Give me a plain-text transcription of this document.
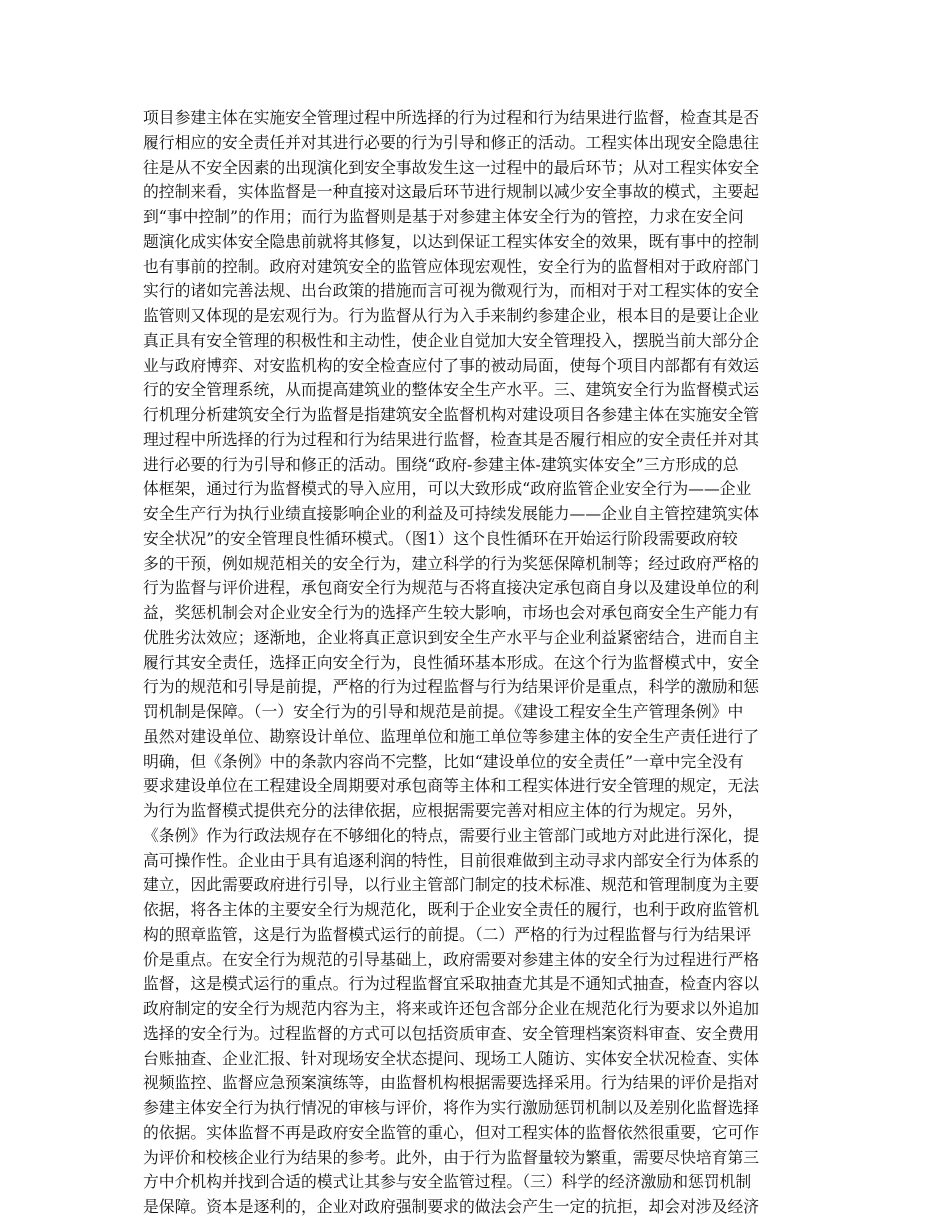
项目参建主体在实施安全管理过程中所选择的行为过程和行为结果进行监督，检查其是否
履行相应的安全责任并对其进行必要的行为引导和修正的活动。工程实体出现安全隐患往
往是从不安全因素的出现演化到安全事故发生这一过程中的最后环节；从对工程实体安全
的控制来看，实体监督是一种直接对这最后环节进行规制以减少安全事故的模式，主要起
到“事中控制”的作用；而行为监督则是基于对参建主体安全行为的管控，力求在安全问
题演化成实体安全隐患前就将其修复，以达到保证工程实体安全的效果，既有事中的控制
也有事前的控制。政府对建筑安全的监管应体现宏观性，安全行为的监督相对于政府部门
实行的诸如完善法规、出台政策的措施而言可视为微观行为，而相对于对工程实体的安全
监管则又体现的是宏观行为。行为监督从行为入手来制约参建企业，根本目的是要让企业
真正具有安全管理的积极性和主动性，使企业自觉加大安全管理投入，摆脱当前大部分企
业与政府博弈、对安监机构的安全检查应付了事的被动局面，使每个项目内部都有有效运
行的安全管理系统，从而提高建筑业的整体安全生产水平。三、建筑安全行为监督模式运
行机理分析建筑安全行为监督是指建筑安全监督机构对建设项目各参建主体在实施安全管
理过程中所选择的行为过程和行为结果进行监督，检查其是否履行相应的安全责任并对其
进行必要的行为引导和修正的活动。围绕“政府-参建主体-建筑实体安全”三方形成的总
体框架，通过行为监督模式的导入应用，可以大致形成“政府监管企业安全行为——企业
安全生产行为执行业绩直接影响企业的利益及可持续发展能力——企业自主管控建筑实体
安全状况”的安全管理良性循环模式。（图1）这个良性循环在开始运行阶段需要政府较
多的干预，例如规范相关的安全行为，建立科学的行为奖惩保障机制等；经过政府严格的
行为监督与评价进程，承包商安全行为规范与否将直接决定承包商自身以及建设单位的利
益，奖惩机制会对企业安全行为的选择产生较大影响，市场也会对承包商安全生产能力有
优胜劣汰效应；逐渐地，企业将真正意识到安全生产水平与企业利益紧密结合，进而自主
履行其安全责任，选择正向安全行为，良性循环基本形成。在这个行为监督模式中，安全
行为的规范和引导是前提，严格的行为过程监督与行为结果评价是重点，科学的激励和惩
罚机制是保障。（一）安全行为的引导和规范是前提。《建设工程安全生产管理条例》中
虽然对建设单位、勘察设计单位、监理单位和施工单位等参建主体的安全生产责任进行了
明确，但《条例》中的条款内容尚不完整，比如“建设单位的安全责任”一章中完全没有
要求建设单位在工程建设全周期要对承包商等主体和工程实体进行安全管理的规定，无法
为行为监督模式提供充分的法律依据，应根据需要完善对相应主体的行为规定。另外，
《条例》作为行政法规存在不够细化的特点，需要行业主管部门或地方对此进行深化，提
高可操作性。企业由于具有追逐利润的特性，目前很难做到主动寻求内部安全行为体系的
建立，因此需要政府进行引导，以行业主管部门制定的技术标准、规范和管理制度为主要
依据，将各主体的主要安全行为规范化，既利于企业安全责任的履行，也利于政府监管机
构的照章监管，这是行为监督模式运行的前提。（二）严格的行为过程监督与行为结果评
价是重点。在安全行为规范的引导基础上，政府需要对参建主体的安全行为过程进行严格
监督，这是模式运行的重点。行为过程监督宜采取抽查尤其是不通知式抽查，检查内容以
政府制定的安全行为规范内容为主，将来或许还包含部分企业在规范化行为要求以外追加
选择的安全行为。过程监督的方式可以包括资质审查、安全管理档案资料审查、安全费用
台账抽查、企业汇报、针对现场安全状态提问、现场工人随访、实体安全状况检查、实体
视频监控、监督应急预案演练等，由监督机构根据需要选择采用。行为结果的评价是指对
参建主体安全行为执行情况的审核与评价，将作为实行激励惩罚机制以及差别化监督选择
的依据。实体监督不再是政府安全监管的重心，但对工程实体的监督依然很重要，它可作
为评价和校核企业行为结果的参考。此外，由于行为监督量较为繁重，需要尽快培育第三
方中介机构并找到合适的模式让其参与安全监管过程。（三）科学的经济激励和惩罚机制
是保障。资本是逐利的，企业对政府强制要求的做法会产生一定的抗拒，却会对涉及经济
